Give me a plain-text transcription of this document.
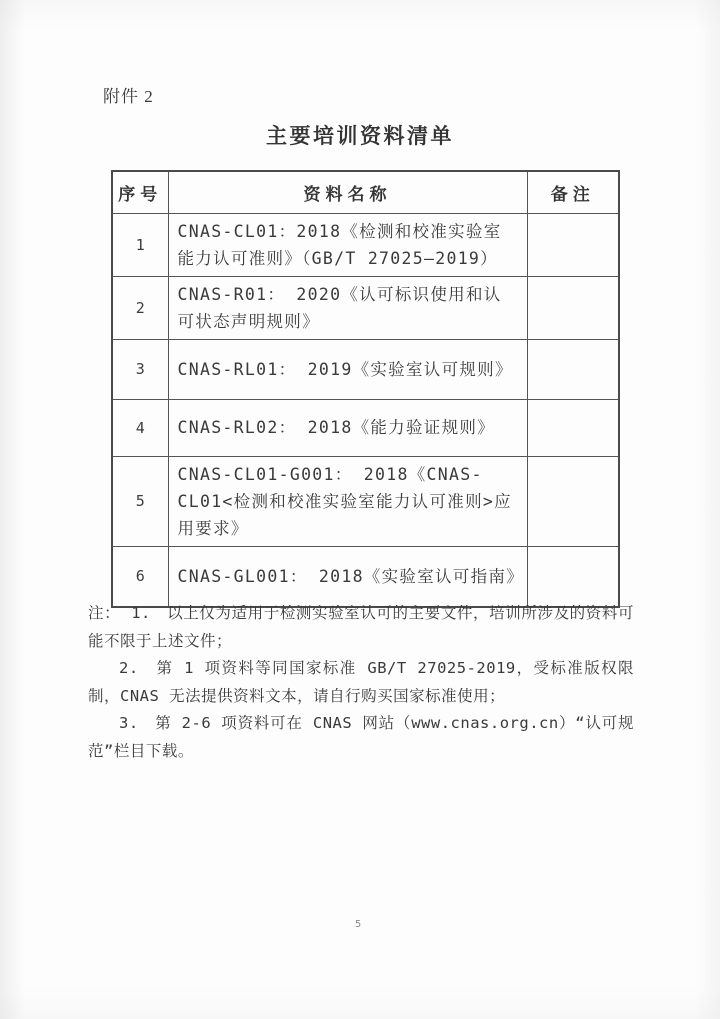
附件 2
主要培训资料清单
序号	资料名称	备注
1	CNAS-CL01：2018《检测和校准实验室能力认可准则》（GB/T 27025—2019）	
2	CNAS-R01： 2020《认可标识使用和认可状态声明规则》	
3	CNAS-RL01： 2019《实验室认可规则》	
4	CNAS-RL02： 2018《能力验证规则》	
5	CNAS-CL01-G001： 2018《CNAS-CL01<检测和校准实验室能力认可准则>应用要求》	
6	CNAS-GL001： 2018《实验室认可指南》	

注： 1.　以上仅为适用于检测实验室认可的主要文件，培训所涉及的资料可能不限于上述文件；

2.　第 1 项资料等同国家标准 GB/T 27025-2019，受标准版权限制，CNAS 无法提供资料文本，请自行购买国家标准使用；

3.　第 2-6 项资料可在 CNAS 网站（www.cnas.org.cn）“认可规范”栏目下载。

5
